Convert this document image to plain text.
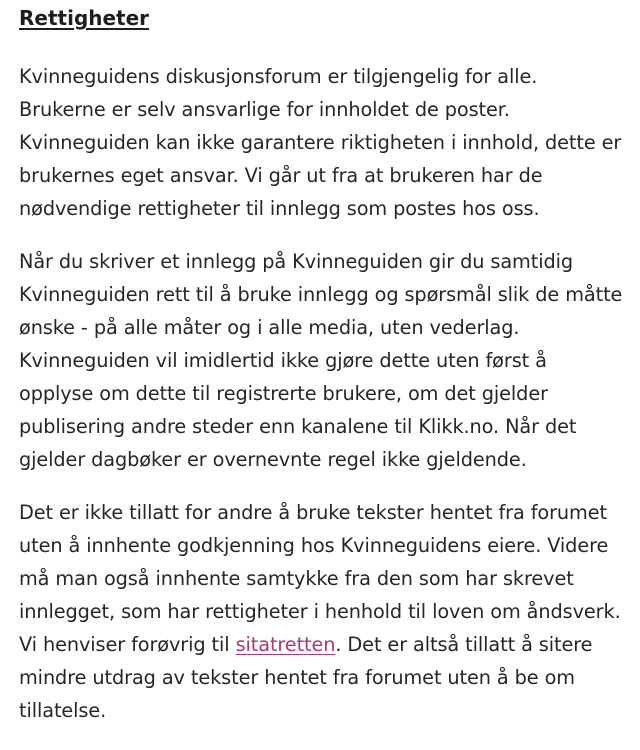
Rettigheter

Kvinneguidens diskusjonsforum er tilgjengelig for alle. Brukerne er selv ansvarlige for innholdet de poster. Kvinneguiden kan ikke garantere riktigheten i innhold, dette er brukernes eget ansvar. Vi går ut fra at brukeren har de nødvendige rettigheter til innlegg som postes hos oss.

Når du skriver et innlegg på Kvinneguiden gir du samtidig Kvinneguiden rett til å bruke innlegg og spørsmål slik de måtte ønske - på alle måter og i alle media, uten vederlag. Kvinneguiden vil imidlertid ikke gjøre dette uten først å opplyse om dette til registrerte brukere, om det gjelder publisering andre steder enn kanalene til Klikk.no. Når det gjelder dagbøker er overnevnte regel ikke gjeldende.

Det er ikke tillatt for andre å bruke tekster hentet fra forumet uten å innhente godkjenning hos Kvinneguidens eiere. Videre må man også innhente samtykke fra den som har skrevet innlegget, som har rettigheter i henhold til loven om åndsverk. Vi henviser forøvrig til sitatretten. Det er altså tillatt å sitere mindre utdrag av tekster hentet fra forumet uten å be om tillatelse.
